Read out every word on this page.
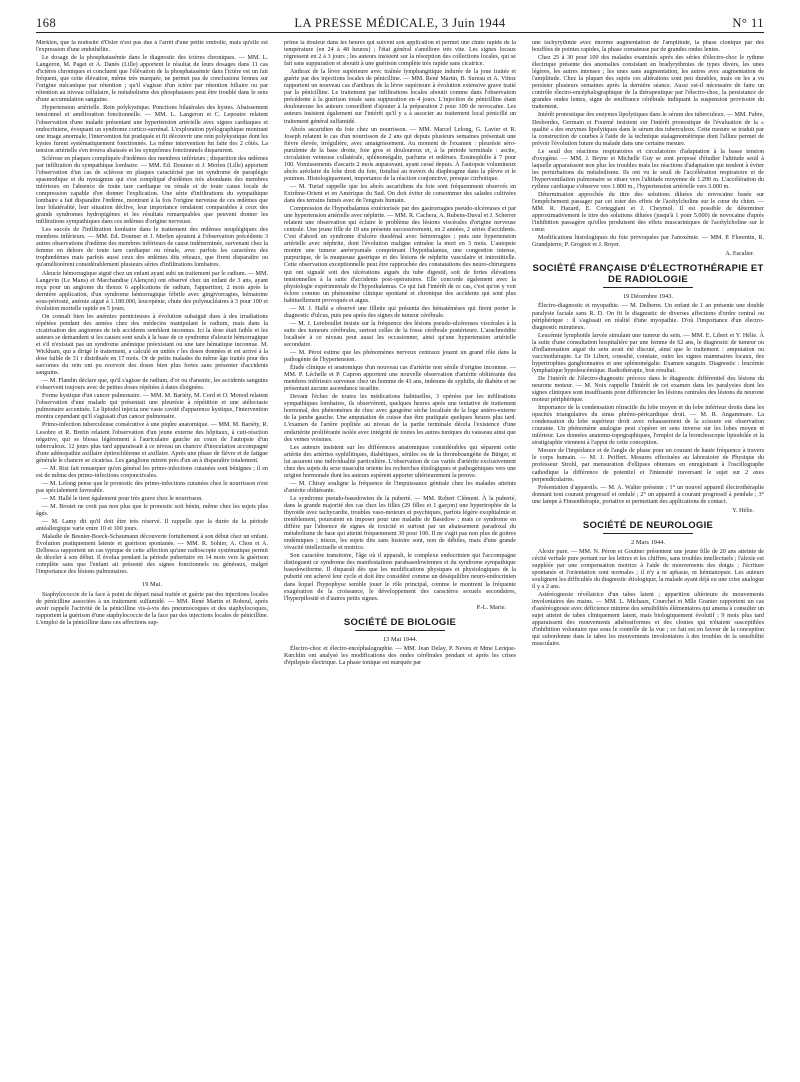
168	LA PRESSE MÉDICALE, 3 Juin 1944	N° 11

Merklen, que la nodosité d'Osler n'est pas due à l'arrêt d'une petite embolie, mais qu'elle est l'expression d'une endothélite.

Le dosage de la phosphatasémie dans le diagnostic des ictères chroniques. — MM. L. Langeron, M. Paget et A. Danés (Lille) apportent le résultat de leurs dosages dans 11 cas d'ictères chroniques et concluent que l'élévation de la phosphatasémie dans l'ictère est un fait fréquent, que cette élévation, même très marquée, ne permet pas de conclusions fermes sur l'origine mécanique par rétention ; qu'il s'agisse d'un ictère par rétention biliaire ou par rétention au niveau cellulaire, le métabolisme des phosphatases peut être troublé dans le sens d'une accumulation sanguine.

Hypertension artérielle. Rein polykystique. Ponctions bilatérales des kystes. Abaissement tensionnel et amélioration fonctionnelle. — MM. L. Langeron et C. Lepoutre relatent l'observation d'une malade présentant une hypertension artérielle avec signes cardiaques et endocriniens, évoquant un syndrome cortico-surrénal. L'exploration pyélographique montrant une image anormale, l'intervention fut pratiquée et fit découvrir une rein polykystique dont les kystes furent systématiquement fonctionnés. La même intervention fut faite des 2 côtés. La tension artérielle s'en trouva abaissée et les symptômes fonctionnels disparurent.

Sclérose en plaques compliquée d'œdèmes des membres inférieurs ; disparition des œdèmes par infiltration du sympathique lombaire. — MM. Ed. Doumer et J. Merlen (Lille) apportent l'observation d'un cas de sclérose en plaques caractérisé par un syndrome de paraplégie spasmodique et du nystagmus qui s'est compliqué d'œdèmes très abondants des membres inférieurs en l'absence de toute tare cardiaque ou rénale et de toute cause locale de compression capable d'en donner l'explication. Une série d'infiltrations du sympathique lombaire a fait disparaître l'œdème, montrant à la fois l'origine nerveuse de ces œdèmes que leur bilatéralité, leur situation déclive, leur importance rendaient comparables à ceux des grands syndromes hydropigènes et les résultats remarquables que peuvent donner les infiltrations sympathiques dans ces œdèmes d'origine nerveuse.

Les succès de l'infiltration lombaire dans le traitement des œdèmes neuplégiques des membres inférieurs. — MM. Ed. Doumer et J. Merlen ajoutent à l'observation précédente 3 autres observations d'œdème des membres inférieurs de cause indéterminée, survenant chez la femme en dehors de toute tare cardiaque ou rénale, avec parfois les caractères des trophœdèmes mais parfois aussi ceux des œdèmes dits réteaux, que firent disparaître ou qu'améliorèrent considérablement plusieurs séries d'infiltrations lombaires.

Aleucie hémorragique aiguë chez un enfant ayant subi un traitement par le radium. — MM. Langevin (Le Mans) et Marchandise (Alençon) ont observé chez un enfant de 3 ans, ayant reçu pour un angiome du thorax 6 applications de radium, l'apparition, 2 mois après la dernière application, d'un syndrome hémorragique fébrile avec gingivorragies, hématome sous-périosté, anémie aiguë à 1.180.000, leucopénie, chute des polynucléaires à 3 pour 100 et évolution mortelle rapide en 5 jours.

On connaît bien les anémies pernicieuses à évolution subaiguë dues à des irradiations répétées pendant des années chez des médecins manipulant le radium, mais dans la cicatrisation des angiomes de tels accidents semblent inconnus. Ici la dose était faible et les auteurs se demandent si les causes sont seuls à la base de ce syndrome d'aleucie hémorragique et s'il n'existait pas un syndrome anémique préexistant ou une tare hématique inconnue. M. Wickham, qui a dirigé le traitement, a calculé en unités r les doses données et est arrivé à la dose faible de 31 r distribuée en 17 mois. Or de petits malades du même âge traités pour des sarcomes du rein ont pu recevoir des doses bien plus fortes sans présenter d'accidents sanguins.

— M. Flandin déclare que, qu'il s'agisse de radium, d'or ou d'arsenic, les accidents sanguins s'observent toujours avec de petites doses répétées à dates éloignées.

Forme kystique d'un cancer pulmonaire. — MM. M. Bariéty, M. Cord et O. Monod relatent l'observation d'une malade qui présentait une pleurésie à répétition et une atélectasie pulmonaire accentuée. Le lipiodol injecta une vaste cavité d'apparence kystique, l'intervention montra cependant qu'il s'agissait d'un cancer pulmonaire.

Primo-infection tuberculeuse consécutive à une piqûre anatomique. — MM. M. Bariéty, R. Lesobre et R. Bretin relatent l'observation d'un jeune externe des hôpitaux, à cuti-réaction négative, qui se blessa légèrement à l'auriculaire gauche au cours de l'autopsie d'un tuberculeux. 12 jours plus tard apparaissait à ce niveau un chancre d'inoculation accompagné d'une adénopathie axillaire épitrochléenne et axillaire. Après une phase de fièvre et de fatigue générale le chancre se cicatrisa. Les ganglions mirent près d'un an à disparaître totalement.

— M. Rist fait remarquer qu'en général les primo-infections cutanées sont bénignes ; il en est de même des primo-infections conjonctivales.

— M. Lelong pense que le pronostic des primo-infections cutanées chez le nourrisson n'est pas spécialement favorable.

— M. Hallé le tient également pour très grave chez le nourrisson.

— M. Brouet ne croit pas non plus que le pronostic soit bénin, même chez les sujets plus âgés.

— M. Lamy dit qu'il doit être très réservé. Il rappelle que la durée de la période antéallergique varie entre 10 et 100 jours.

Maladie de Besnier-Boeck-Schaumann découverte fortuitement à son début chez un enfant. Évolution pratiquement latente et guérison spontanée. — MM. R. Sohier, A. Chon et A. Delbosca rapportent un cas typique de cette affection qu'une radioscopie systématique permit de déceler à son début. Il évolua pendant la période pubertaire en 14 mois vers la guérison complète sans que l'enfant ait présenté des signes fonctionnels ou généraux, malgré l'importance des lésions pulmonaires.

19 Mai.

Staphylococcie de la face à point de départ nasal traitée et guérie par des injections locales de pénicilline associées à un traitement sulfamidé. — MM. René Martin et Roboul, après avoir rappelé l'activité de la pénicilline vis-à-vis des pneumocoques et des staphylocoques, rapportent la guérison d'une staphylococcie de la face par des injections locales de pénicilline. L'emploi de la pénicilline dans ces affections sup-

prime la douleur dans les heures qui suivent son application et permet une chute rapide de la température (en 24 à 48 heures) ; l'état général s'améliore très vite. Les signes locaux régressent en 2 à 3 jours ; les auteurs insistent sur la résorption des collections locales, qui se fait sans suppuration et aboutit à une guérison complète très rapide sans cicatrice.

Anthrax de la lèvre supérieure avec traînée lymphangitique indurée de la joue traitée et guérie par des injections locales de pénicilline. — MM. René Martin, B. Sureau et A. Vittoz rapportent un nouveau cas d'anthrax de la lèvre supérieure à évolution extensive grave traité par la pénicilline. Le traitement par infiltrations locales aboutit comme dans l'observation précédente à la guérison totale sans suppuration en 4 jours. L'injection de pénicilline étant douloureuse les auteurs conseillent d'ajouter à la préparation 2 pour 100 de novocaïne. Les auteurs insistent également sur l'intérêt qu'il y a à associer au traitement local pénicillé un traitement général sulfamidé.

Abcès ascaridien du foie chez un nourrisson. — MM. Marcel Lelong, G. Lavier et R. Joseph relatent le cas d'un nourrisson de 2 ans qui depuis plusieurs semaines présentait une fièvre élevée, irrégulière, avec amaigrissement. Au moment de l'examen : pleurésie séro-purulente de la base droite, foie gros et douloureux et, à la période terminale : ascite, circulation veineuse collatérale, splénomégalie, parfums et œdèmes. Éosinophilie à 7 pour 100. Vomissements d'ascaris 2 mois auparavant, ayant cessé depuis. À l'autopsie volumineux abcès aréolaire du lobe droit du foie, fistulisé au travers du diaphragme dans la plèvre et le poumon. Histologiquement, importance de la réaction conjonctive, presque cirrhotique.

— M. Turiaf rappelle que les abcès ascaridiens du foie sont fréquemment observés en Extrême-Orient et en Amérique du Sud. On doit éviter de consommer des salades cultivées dans des terrains fumés avec de l'engrais humain.

Compression de l'hypothalamus extériorisée par des gastrorragies pseudo-ulcéreuses et par une hypertension artérielle avec néphrite. — MM. R. Cachera, A. Rubens-Duval et J. Scherrer relatent une observation qui éclaire le problème des lésions viscérales d'origine nerveuse centrale. Une jeune fille de 19 ans présente successivement, en 2 années, 2 séries d'accidents. C'est d'abord un syndrome d'ulcère duodénal avec hémorragies ; puis une hypertension artérielle avec néphrite, dont l'évolution maligne entraîne la mort en 3 mois. L'autopsie montre une tumeur anévrysmale comprimant l'hypothalamus, une congestion intense, purpurique, de la muqueuse gastrique et des lésions de néphrite vasculaire et interstitielle. Cette observation exceptionnelle peut être rapprochée des constatations des neuro-chirurgiens qui ont signalé soit des ulcérations aiguës du tube digestif, soit de fortes élévations tensionnelles à la suite d'accidents post-opératoires. Elle concorde également avec la physiologie expérimentale de l'hypothalamus. Ce qui fait l'intérêt de ce cas, c'est qu'on y voit éclore comme un phénomène clinique spontané et chronique des accidents qui sont plus habituellement provoqués et aigus.

— M. J. Hallé a observé une fillette qui présenta des hématémèses qui firent porter le diagnostic d'ulcus, puis peu après des signes de tumeur cérébrale.

— M. J. Lereboullet insiste sur la fréquence des lésions pseudo-ulcéreuses viscérales à la suite des tumeurs cérébrales, surtout celles de la fosse cérébrale postérieure. L'arachnoïdite localisée à ce niveau peut aussi les occasionner, ainsi qu'une hypertension artérielle secondaire.

— M. Pérot estime que les phénomènes nerveux centraux jouent un grand rôle dans la pathogénie de l'hypertension.

Étude clinique et anatomique d'un nouveau cas d'artérite non sénile d'origine inconnue. — MM. P. Léchelle et P. Capron apportent une nouvelle observation d'artérite oblitérante des membres inférieurs survenue chez un homme de 43 ans, indemne de syphilis, de diabète et ne présentant aucune ascendance israélite.

Devant l'échec de toutes les médications habituelles, 3 opérées par les infiltrations sympathiques lombaires, ils observèrent, quelques heures après une tentative de traitement hormonal, des phénomènes de choc avec gangrène sèche localisée de la loge antéro-externe de la jambe gauche. Une amputation de cuisse due être pratiquée quelques heures plus tard. L'examen de l'artère poplitée au niveau de la partie terminale décela l'existence d'une endartérite proliférante isolée avec intégrité de toutes les autres tuniques du vaisseau ainsi que des veines voisines.

Les auteurs insistent sur les différences anatomiques considérables qui séparent cette artérite des artérites syphilitiques, diabétiques, séniles ou de la thromboangéite de Bürger, et lui assurent une individualité particulière. L'observation de cas variés d'artérite exclusivement chez des sujets du sexe masculin oriente les recherches étiologiques et pathogéniques vers une origine hormonale dont les auteurs espèrent apporter ultérieurement la preuve.

— M. Chiray souligne la fréquence de l'impuissance génitale chez les malades atteints d'artérite oblitérante.

Le syndrome pseudo-basedowien de la puberté. — MM. Robert Clément. À la puberté, dans la grande majorité des cas chez les filles (29 filles et 1 garçon) une hypertrophie de la thyroïde avec tachycardie, troubles vaso-moteurs et psychiques, parfois légère exophtalmie et tremblement, pourraient en imposer pour une maladie de Basedow ; mais ce syndrome en diffère par l'absence de signes de toxicité et surtout par un abaissement paradoxal du métabolisme de base qui atteint fréquemment 30 pour 100. Il ne s'agit pas non plus de goitres endémiques ; mieux, les sujets dits sans histoire sont, non de débiles, mais d'une grande vivacité intellectuelle et motrice.

Son caractère transitoire, l'âge où il apparaît, le complexe endocrinien qui l'accompagne distinguent ce syndrome des manifestations parabasedowiennes et du syndrome sympathique basedowiforme. Il disparaît dès que les modifications physiques et physiologiques de la puberté ont achevé leur cycle et doit être considéré comme un déséquilibre neuro-endocrinien dans lequel l'hypophyse semble jouer le rôle principal, comme le montrent la fréquente exagération de la croissance, le développement des caractères sexuels secondaires, l'hyperpilosité et d'autres petits signes.

P.-L. Marie.
SOCIÉTÉ DE BIOLOGIE
13 Mai 1944.

Électro-choc et électro-encéphalographie. — MM. Jean Delay, P. Neveu et Mme Lerique-Kœchlin ont analysé les modifications des ondes cérébrales pendant et après les crises d'épilepsie électrique. La phase tonique est marquée par

une tachyrythmie avec énorme augmentation de l'amplitude, la phase clonique par des bouffées de pointes rapides, la phase comateuse par de grandes ondes lentes.

Chez 25 à 30 pour 100 des malades examinés après des séries d'électro-choc le rythme électrique présente des anomalies consistant en bradyrythmies de types divers, les unes légères, les autres intenses ; les unes sans augmentation, les autres avec augmentation de l'amplitude. Chez la plupart des sujets ces altérations sont peu durables, mais on les a vu persister plusieurs semaines après la dernière séance. Aussi est-il nécessaire de faire un contrôle électro-encéphalographique de la thérapeutique par l'électro-choc, la persistance de grandes ondes lentes, signe de souffrance cérébrale indiquant la suspension provisoire du traitement.

Intérêt pronostique des enzymes lipolytiques dans le sérum des tuberculeux. — MM. Fabre, Desbordes, Germain et Fourmé insistent sur l'intérêt pronostique de l'évaluation de la « qualité » des enzymes lipolytiques dans le sérum des tuberculeux. Cette mesure se traduit par la construction de courbes à l'aide de la technique stalagmométrique dont l'allure permet de prévoir l'évolution future du malade dans une certaine mesure.

Le seuil des réactions respiratoires et circulatoires d'adaptation à la basse tension d'oxygène. — MM. J. Beyne et Michelle Guy se sont proposé d'étudier l'altitude seuil à laquelle apparaissent non plus les troubles mais les réactions d'adaptation qui tendent à éviter les perturbations du métabolisme. Ils ont vu le seuil de l'accélération respiratoire et de l'hyperventilation pulmonaire se situer vers l'altitude moyenne de 1.200 m. L'accélération du rythme cardiaque s'observe vers 1.800 m., l'hypertension artérielle vers 3.000 m.

Détermination approchée du titre des solutions diluées de novocaïne basée sur l'empêchement passager par cet ester des effets de l'acétylcholine sur le cœur du chien. — MM. R. Hazard, E. Corteggiani et J. Cheymol. Il est possible de déterminer approximativement le titre des solutions diluées (jusqu'à 1 pour 5.000) de novocaïne d'après l'inhibition passagère qu'elles produisent des effets muscariniques de l'acétylcholine sur le cœur.

Modifications histologiques du foie provoquées par l'anoxémie. — MM. P. Florentin, R. Grandpierre, P. Grognot et J. Royer.

A. Escalier.
SOCIÉTÉ FRANÇAISE D'ÉLECTROTHÉRAPIE ET DE RADIOLOGIE
19 Décembre 1943.

Électro-diagnostic et myopathie. — M. Delherm. Un enfant de 1 an présente une double paralysie faciale sans R. D. On fit le diagnostic de diverses affections d'ordre central ou périphérique : il s'agissait en réalité d'une myopathie. D'où l'importance d'un électro-diagnostic minutieux.

Leucémie lymphoïde larvée simulant une tumeur du sein. — MM. E. Libert et Y. Hélie. À la suite d'une consultation hospitalière par une femme de 62 ans, le diagnostic de tumeur ou d'inflammation aiguë du sein avait été discuté, ainsi que le traitement : amputation ou vaccinothérapie. Le Dr Libert, consulté, constate, outre les signes mammaires locaux, des hypertrophies ganglionnaires et une splénomégalie. Examen sanguin. Diagnostic : leucémie lymphatique hypoleucémique. Radiothérapie, bon résultat.

De l'intérêt de l'électro-diagnostic précoce dans le diagnostic différentiel des lésions du neurone moteur. — M. Noix rappelle l'intérêt de cet examen dans les paralysies dont les signes cliniques sont insuffisants pour différencier les lésions centrales des lésions du neurone moteur périphérique.

Importance de la condensation rétractile du lobe moyen et du lobe inférieur droits dans les opacités triangulaires du sinus phréno-péricardique droit. — M. R. Angammare. La condensation du lobe supérieur droit avec rehaussement de la scissure est observation courante. Un phénomène analogue peut s'opérer en sens inverse sur les lobes moyen et inférieur. Les données anatomo-topographiques, l'emploi de la bronchoscopie lipiodolée et la stratigraphie viennent à l'appui de cette conception.

Mesure de l'impédance et de l'angle de phase pour un courant de haute fréquence à travers le corps humain. — M. J. Peiffert. Mesures effectuées au laboratoire de Physique du professeur Strohl, par mensuration d'ellipses obtenues en enregistrant à l'oscillographe cathodique la différence de potentiel et l'intensité traversant le sujet sur 2 axes perpendiculaires.

Présentation d'appareils. — M. A. Walter présente : 1° un nouvel appareil électrothéraplie donnant tout courant progressif et ondulé ; 2° un appareil à courant progressif à pendule ; 3° une lampe à Finsenthérapie, portative et permettant des applications de contact.

Y. Hélie.
SOCIÉTÉ DE NEUROLOGIE
2 Mars 1944.

Alexie pure. — MM. N. Péron et Goutner présentent une jeune fille de 20 ans atteinte de cécité verbale pure portant sur les lettres et les chiffres, sans troubles intellectuels ; l'alexie est suppléée par une compensation motrice à l'aide de mouvements des doigts ; l'écriture spontanée et l'orientation sont normales ; il n'y a ni aphasie, ni hémianopsie. Les auteurs soulignent les difficultés du diagnostic étiologique, la malade ayant déjà eu une crise analogue il y a 2 ans.

Astéréognosie révélatrice d'un tabes latent ; apparition ultérieure de mouvements involontaires des mains. — MM. L. Michaux, Courchet et Mlle Granier rapportent un cas d'astéréognosie avec déficience minime des sensibilités élémentaires qui amena à consulter un sujet atteint de tabes cliniquement latent, mais biologiquement évolutif ; 9 mois plus tard apparaissent des mouvements athétosiformes et des clonies qui n'étaient susceptibles d'inhibition volontaire que sous le contrôle de la vue ; ce fait est en faveur de la conception qui subordonne dans le tabes les mouvements involontaires à des troubles de la sensibilité musculaire.
